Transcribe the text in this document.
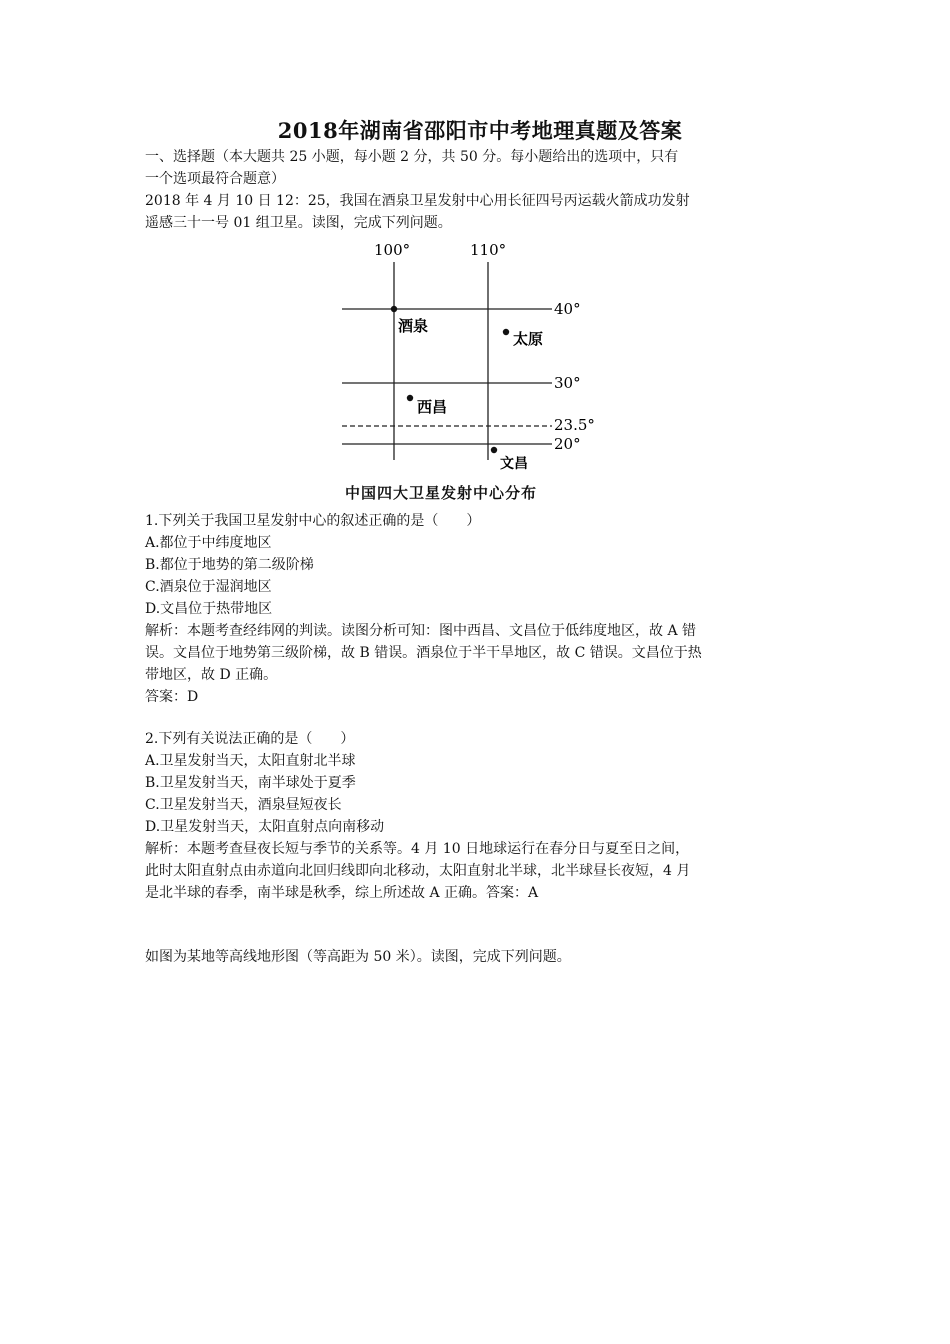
2018年湖南省邵阳市中考地理真题及答案

一、选择题（本大题共 25 小题，每小题 2 分，共 50 分。每小题给出的选项中，只有

一个选项最符合题意）

2018 年 4 月 10 日 12：25，我国在酒泉卫星发射中心用长征四号丙运载火箭成功发射

遥感三十一号 01 组卫星。读图，完成下列问题。

100°	110°
40°
30°
23.5°
20°
酒泉
太原
西昌
文昌
中国四大卫星发射中心分布

1.下列关于我国卫星发射中心的叙述正确的是（　　）

A.都位于中纬度地区

B.都位于地势的第二级阶梯

C.酒泉位于湿润地区

D.文昌位于热带地区

解析：本题考查经纬网的判读。读图分析可知：图中西昌、文昌位于低纬度地区，故 A 错

误。文昌位于地势第三级阶梯，故 B 错误。酒泉位于半干旱地区，故 C 错误。文昌位于热

带地区，故 D 正确。

答案：D

2.下列有关说法正确的是（　　）

A.卫星发射当天，太阳直射北半球

B.卫星发射当天，南半球处于夏季

C.卫星发射当天，酒泉昼短夜长

D.卫星发射当天，太阳直射点向南移动

解析：本题考查昼夜长短与季节的关系等。4 月 10 日地球运行在春分日与夏至日之间，

此时太阳直射点由赤道向北回归线即向北移动，太阳直射北半球，北半球昼长夜短，4 月

是北半球的春季，南半球是秋季，综上所述故 A 正确。答案：A

如图为某地等高线地形图（等高距为 50 米）。读图，完成下列问题。
